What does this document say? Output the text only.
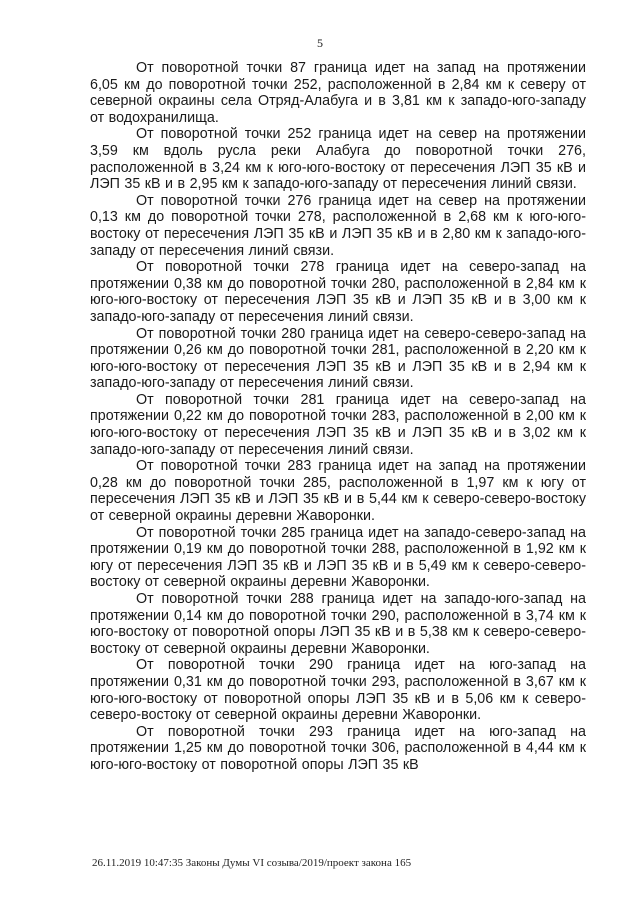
5

От поворотной точки 87 граница идет на запад на протяжении 6,05 км до поворотной точки 252, расположенной в 2,84 км к северу от северной окраины села Отряд-Алабуга и в 3,81 км к западо-юго-западу от водохранилища.

От поворотной точки 252 граница идет на север на протяжении 3,59 км вдоль русла реки Алабуга до поворотной точки 276, расположенной в 3,24 км к юго-юго-востоку от пересечения ЛЭП 35 кВ и ЛЭП 35 кВ и в 2,95 км к западо-юго-западу от пересечения линий связи.

От поворотной точки 276 граница идет на север на протяжении 0,13 км до поворотной точки 278, расположенной в 2,68 км к юго-юго-востоку от пересечения ЛЭП 35 кВ и ЛЭП 35 кВ и в 2,80 км к западо-юго-западу от пересечения линий связи.

От поворотной точки 278 граница идет на северо-запад на протяжении 0,38 км до поворотной точки 280, расположенной в 2,84 км к юго-юго-востоку от пересечения ЛЭП 35 кВ и ЛЭП 35 кВ и в 3,00 км к западо-юго-западу от пересечения линий связи.

От поворотной точки 280 граница идет на северо-северо-запад на протяжении 0,26 км до поворотной точки 281, расположенной в 2,20 км к юго-юго-востоку от пересечения ЛЭП 35 кВ и ЛЭП 35 кВ и в 2,94 км к западо-юго-западу от пересечения линий связи.

От поворотной точки 281 граница идет на северо-запад на протяжении 0,22 км до поворотной точки 283, расположенной в 2,00 км к юго-юго-востоку от пересечения ЛЭП 35 кВ и ЛЭП 35 кВ и в 3,02 км к западо-юго-западу от пересечения линий связи.

От поворотной точки 283 граница идет на запад на протяжении 0,28 км до поворотной точки 285, расположенной в 1,97 км к югу от пересечения ЛЭП 35 кВ и ЛЭП 35 кВ и в 5,44 км к северо-северо-востоку от северной окраины деревни Жаворонки.

От поворотной точки 285 граница идет на западо-северо-запад на протяжении 0,19 км до поворотной точки 288, расположенной в 1,92 км к югу от пересечения ЛЭП 35 кВ и ЛЭП 35 кВ и в 5,49 км к северо-северо-востоку от северной окраины деревни Жаворонки.

От поворотной точки 288 граница идет на западо-юго-запад на протяжении 0,14 км до поворотной точки 290, расположенной в 3,74 км к юго-востоку от поворотной опоры ЛЭП 35 кВ и в 5,38 км к северо-северо-востоку от северной окраины деревни Жаворонки.

От поворотной точки 290 граница идет на юго-запад на протяжении 0,31 км до поворотной точки 293, расположенной в 3,67 км к юго-юго-востоку от поворотной опоры ЛЭП 35 кВ и в 5,06 км к северо-северо-востоку от северной окраины деревни Жаворонки.

От поворотной точки 293 граница идет на юго-запад на протяжении 1,25 км до поворотной точки 306, расположенной в 4,44 км к юго-юго-востоку от поворотной опоры ЛЭП 35 кВ

26.11.2019 10:47:35 Законы Думы VI созыва/2019/проект закона 165
